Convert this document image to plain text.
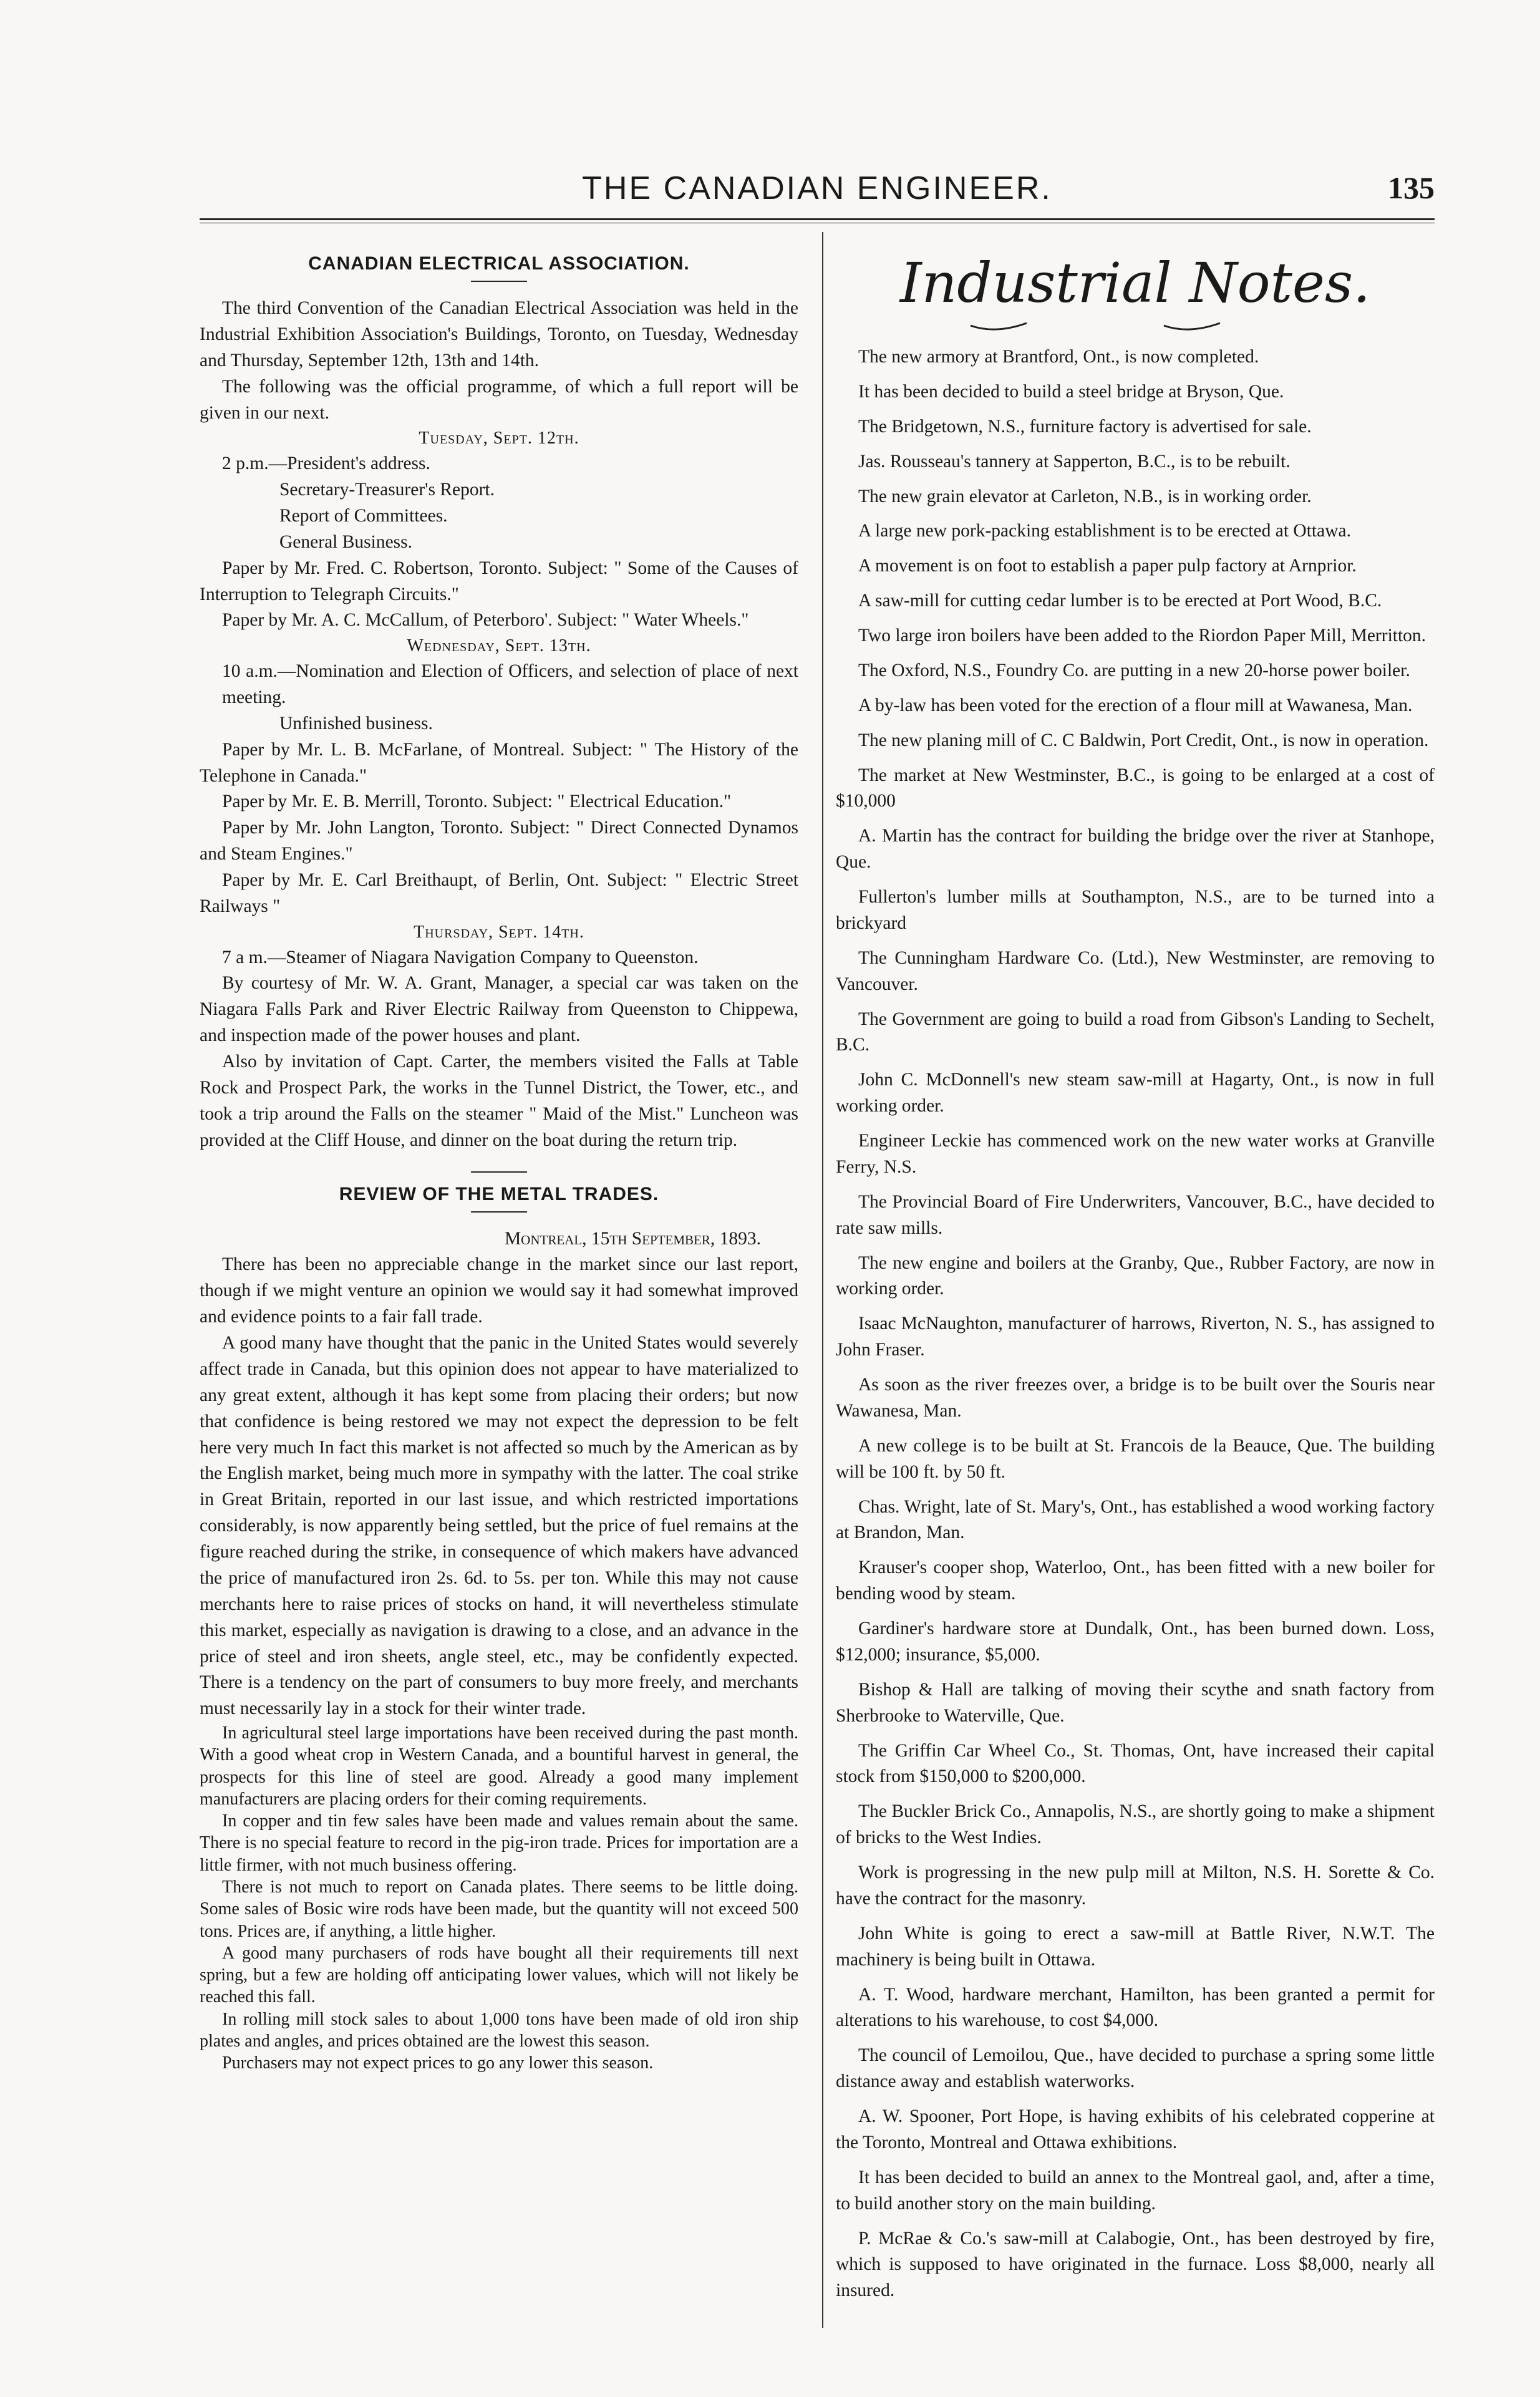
THE CANADIAN ENGINEER.	135
CANADIAN ELECTRICAL ASSOCIATION.

The third Convention of the Canadian Electrical Association was held in the Industrial Exhibition Association's Buildings, Toronto, on Tuesday, Wednesday and Thursday, September 12th, 13th and 14th.

The following was the official programme, of which a full report will be given in our next.

Tuesday, Sept. 12th.

2 p.m.—President's address.

Secretary-Treasurer's Report.

Report of Committees.

General Business.

Paper by Mr. Fred. C. Robertson, Toronto. Subject: " Some of the Causes of Interruption to Telegraph Circuits."

Paper by Mr. A. C. McCallum, of Peterboro'. Subject: " Water Wheels."

Wednesday, Sept. 13th.

10 a.m.—Nomination and Election of Officers, and selection of place of next meeting.

Unfinished business.

Paper by Mr. L. B. McFarlane, of Montreal. Subject: " The History of the Telephone in Canada."

Paper by Mr. E. B. Merrill, Toronto. Subject: " Electrical Education."

Paper by Mr. John Langton, Toronto. Subject: " Direct Connected Dynamos and Steam Engines."

Paper by Mr. E. Carl Breithaupt, of Berlin, Ont. Subject: " Electric Street Railways "

Thursday, Sept. 14th.

7 a m.—Steamer of Niagara Navigation Company to Queenston.

By courtesy of Mr. W. A. Grant, Manager, a special car was taken on the Niagara Falls Park and River Electric Railway from Queenston to Chippewa, and inspection made of the power houses and plant.

Also by invitation of Capt. Carter, the members visited the Falls at Table Rock and Prospect Park, the works in the Tunnel District, the Tower, etc., and took a trip around the Falls on the steamer " Maid of the Mist." Luncheon was provided at the Cliff House, and dinner on the boat during the return trip.

REVIEW OF THE METAL TRADES.

Montreal, 15th September, 1893.

There has been no appreciable change in the market since our last report, though if we might venture an opinion we would say it had somewhat improved and evidence points to a fair fall trade.

A good many have thought that the panic in the United States would severely affect trade in Canada, but this opinion does not appear to have materialized to any great extent, although it has kept some from placing their orders; but now that confidence is being restored we may not expect the depression to be felt here very much In fact this market is not affected so much by the American as by the English market, being much more in sympathy with the latter. The coal strike in Great Britain, reported in our last issue, and which restricted importations considerably, is now apparently being settled, but the price of fuel remains at the figure reached during the strike, in consequence of which makers have advanced the price of manufactured iron 2s. 6d. to 5s. per ton. While this may not cause merchants here to raise prices of stocks on hand, it will nevertheless stimulate this market, especially as navigation is drawing to a close, and an advance in the price of steel and iron sheets, angle steel, etc., may be confidently expected. There is a tendency on the part of consumers to buy more freely, and merchants must necessarily lay in a stock for their winter trade.

In agricultural steel large importations have been received during the past month. With a good wheat crop in Western Canada, and a bountiful harvest in general, the prospects for this line of steel are good. Already a good many implement manufacturers are placing orders for their coming requirements.

In copper and tin few sales have been made and values remain about the same. There is no special feature to record in the pig-iron trade. Prices for importation are a little firmer, with not much business offering.

There is not much to report on Canada plates. There seems to be little doing. Some sales of Bosic wire rods have been made, but the quantity will not exceed 500 tons. Prices are, if anything, a little higher.

A good many purchasers of rods have bought all their requirements till next spring, but a few are holding off anticipating lower values, which will not likely be reached this fall.

In rolling mill stock sales to about 1,000 tons have been made of old iron ship plates and angles, and prices obtained are the lowest this season.

Purchasers may not expect prices to go any lower this season.

Industrial Notes.

The new armory at Brantford, Ont., is now completed.

It has been decided to build a steel bridge at Bryson, Que.

The Bridgetown, N.S., furniture factory is advertised for sale.

Jas. Rousseau's tannery at Sapperton, B.C., is to be rebuilt.

The new grain elevator at Carleton, N.B., is in working order.

A large new pork-packing establishment is to be erected at Ottawa.

A movement is on foot to establish a paper pulp factory at Arnprior.

A saw-mill for cutting cedar lumber is to be erected at Port Wood, B.C.

Two large iron boilers have been added to the Riordon Paper Mill, Merritton.

The Oxford, N.S., Foundry Co. are putting in a new 20-horse power boiler.

A by-law has been voted for the erection of a flour mill at Wawanesa, Man.

The new planing mill of C. C Baldwin, Port Credit, Ont., is now in operation.

The market at New Westminster, B.C., is going to be enlarged at a cost of $10,000

A. Martin has the contract for building the bridge over the river at Stanhope, Que.

Fullerton's lumber mills at Southampton, N.S., are to be turned into a brickyard

The Cunningham Hardware Co. (Ltd.), New Westminster, are removing to Vancouver.

The Government are going to build a road from Gibson's Landing to Sechelt, B.C.

John C. McDonnell's new steam saw-mill at Hagarty, Ont., is now in full working order.

Engineer Leckie has commenced work on the new water works at Granville Ferry, N.S.

The Provincial Board of Fire Underwriters, Vancouver, B.C., have decided to rate saw mills.

The new engine and boilers at the Granby, Que., Rubber Factory, are now in working order.

Isaac McNaughton, manufacturer of harrows, Riverton, N. S., has assigned to John Fraser.

As soon as the river freezes over, a bridge is to be built over the Souris near Wawanesa, Man.

A new college is to be built at St. Francois de la Beauce, Que. The building will be 100 ft. by 50 ft.

Chas. Wright, late of St. Mary's, Ont., has established a wood working factory at Brandon, Man.

Krauser's cooper shop, Waterloo, Ont., has been fitted with a new boiler for bending wood by steam.

Gardiner's hardware store at Dundalk, Ont., has been burned down. Loss, $12,000; insurance, $5,000.

Bishop & Hall are talking of moving their scythe and snath factory from Sherbrooke to Waterville, Que.

The Griffin Car Wheel Co., St. Thomas, Ont, have increased their capital stock from $150,000 to $200,000.

The Buckler Brick Co., Annapolis, N.S., are shortly going to make a shipment of bricks to the West Indies.

Work is progressing in the new pulp mill at Milton, N.S. H. Sorette & Co. have the contract for the masonry.

John White is going to erect a saw-mill at Battle River, N.W.T. The machinery is being built in Ottawa.

A. T. Wood, hardware merchant, Hamilton, has been granted a permit for alterations to his warehouse, to cost $4,000.

The council of Lemoilou, Que., have decided to purchase a spring some little distance away and establish waterworks.

A. W. Spooner, Port Hope, is having exhibits of his celebrated copperine at the Toronto, Montreal and Ottawa exhibitions.

It has been decided to build an annex to the Montreal gaol, and, after a time, to build another story on the main building.

P. McRae & Co.'s saw-mill at Calabogie, Ont., has been destroyed by fire, which is supposed to have originated in the furnace. Loss $8,000, nearly all insured.
